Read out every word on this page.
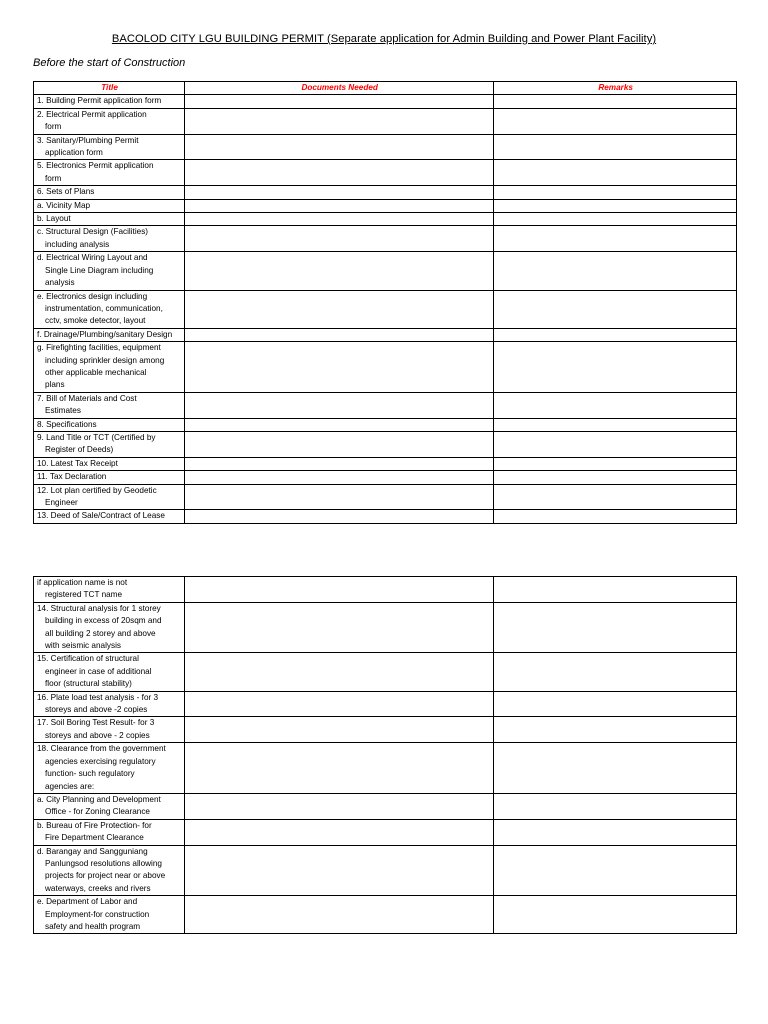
BACOLOD CITY LGU BUILDING PERMIT (Separate application for Admin Building and Power Plant Facility)
Before the start of Construction
Title	Documents Needed	Remarks

1. Building Permit application form		

2. Electrical Permit application
form		

3. Sanitary/Plumbing Permit
application form		

5. Electronics Permit application
form		

6. Sets of Plans		

a. Vicinity Map		

b. Layout		

c. Structural Design (Facilities)
including analysis		

d. Electrical Wiring Layout and
Single Line Diagram including
analysis		

e. Electronics design including
instrumentation, communication,
cctv, smoke detector, layout		

f. Drainage/Plumbing/sanitary Design		

g. Firefighting facilities, equipment
including sprinkler design among
other applicable mechanical
plans		

7. Bill of Materials and Cost
Estimates		

8. Specifications		

9. Land Title or TCT (Certified by
Register of Deeds)		

10. Latest Tax Receipt		

11. Tax Declaration		

12. Lot plan certified by Geodetic
Engineer		

13. Deed of Sale/Contract of Lease		

if application name is not
registered TCT name		

14. Structural analysis for 1 storey
building in excess of 20sqm and
all building 2 storey and above
with seismic analysis		

15. Certification of structural
engineer in case of additional
floor (structural stability)		

16. Plate load test analysis - for 3
storeys and above -2 copies		

17. Soil Boring Test Result- for 3
storeys and above - 2 copies		

18. Clearance from the government
agencies exercising regulatory
function- such regulatory
agencies are:		

a. City Planning and Development
Office - for Zoning Clearance		

b. Bureau of Fire Protection- for
Fire Department Clearance		

d. Barangay and Sangguniang
Panlungsod resolutions allowing
projects for project near or above
waterways, creeks and rivers		

e. Department of Labor and
Employment-for construction
safety and health program		
